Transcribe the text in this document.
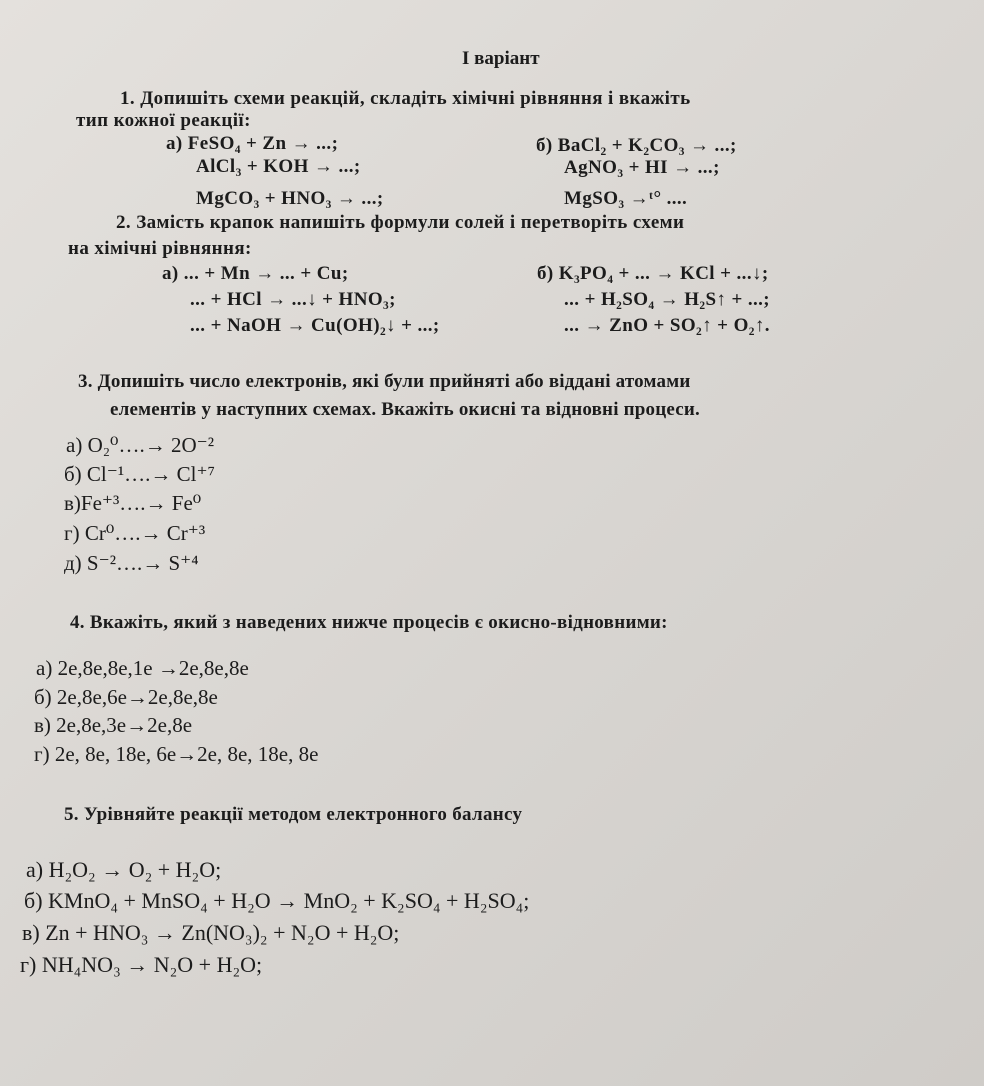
І варіант
1. Допишіть схеми реакцій, складіть хімічні рівняння і вкажіть
тип кожної реакції:
а) FeSO₄ + Zn → ...;
AlCl₃ + KOH → ...;
MgCO₃ + HNO₃ → ...;
б) BaCl₂ + K₂CO₃ → ...;
AgNO₃ + HI → ...;
MgSO₃ →ᵗ° ....
2. Замість крапок напишіть формули солей і перетворіть схеми
на хімічні рівняння:
а) ... + Mn → ... + Cu;
... + HCl → ...↓ + HNO₃;
... + NaOH → Cu(OH)₂↓ + ...;
б) K₃PO₄ + ... → KCl + ...↓;
... + H₂SO₄ → H₂S↑ + ...;
... → ZnO + SO₂↑ + O₂↑.
3. Допишіть число електронів, які були прийняті або віддані атомами
елементів у наступних схемах. Вкажіть окисні та відновні процеси.
а) O₂⁰….→ 2O⁻²
б) Cl⁻¹….→ Cl⁺⁷
в)Fe⁺³….→ Fe⁰
г) Cr⁰….→ Cr⁺³
д) S⁻²….→ S⁺⁴
4. Вкажіть, який з наведених нижче процесів є окисно-відновними:
а) 2е,8е,8е,1е →2е,8е,8е
б) 2е,8е,6е→2е,8е,8е
в) 2е,8е,3е→2е,8е
г) 2е, 8е, 18е, 6е→2е, 8е, 18е, 8е
5. Урівняйте реакції методом електронного балансу
а) H₂O₂ → O₂ + H₂O;
б) KMnO₄ + MnSO₄ + H₂O → MnO₂ + K₂SO₄ + H₂SO₄;
в) Zn + HNO₃ → Zn(NO₃)₂ + N₂O + H₂O;
г) NH₄NO₃ → N₂O + H₂O;
